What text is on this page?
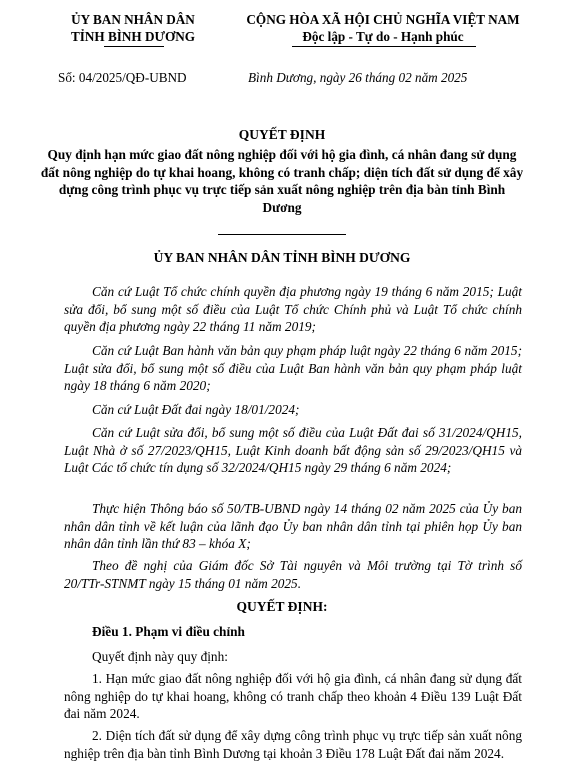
ỦY BAN NHÂN DÂN
TỈNH BÌNH DƯƠNG
CỘNG HÒA XÃ HỘI CHỦ NGHĨA VIỆT NAM
Độc lập - Tự do - Hạnh phúc
Số: 04/2025/QĐ-UBND	Bình Dương, ngày 26 tháng 02 năm 2025
QUYẾT ĐỊNH
Quy định hạn mức giao đất nông nghiệp đối với hộ gia đình, cá nhân đang sử dụng đất nông nghiệp do tự khai hoang, không có tranh chấp; diện tích đất sử dụng để xây dựng công trình phục vụ trực tiếp sản xuất nông nghiệp trên địa bàn tỉnh Bình Dương
ỦY BAN NHÂN DÂN TỈNH BÌNH DƯƠNG
Căn cứ Luật Tổ chức chính quyền địa phương ngày 19 tháng 6 năm 2015; Luật sửa đổi, bổ sung một số điều của Luật Tổ chức Chính phủ và Luật Tổ chức chính quyền địa phương ngày 22 tháng 11 năm 2019;
Căn cứ Luật Ban hành văn bản quy phạm pháp luật ngày 22 tháng 6 năm 2015; Luật sửa đổi, bổ sung một số điều của Luật Ban hành văn bản quy phạm pháp luật ngày 18 tháng 6 năm 2020;
Căn cứ Luật Đất đai ngày 18/01/2024;
Căn cứ Luật sửa đổi, bổ sung một số điều của Luật Đất đai số 31/2024/QH15, Luật Nhà ở số 27/2023/QH15, Luật Kinh doanh bất động sản số 29/2023/QH15 và Luật Các tổ chức tín dụng số 32/2024/QH15 ngày 29 tháng 6 năm 2024;
Thực hiện Thông báo số 50/TB-UBND ngày 14 tháng 02 năm 2025 của Ủy ban nhân dân tỉnh về kết luận của lãnh đạo Ủy ban nhân dân tỉnh tại phiên họp Ủy ban nhân dân tỉnh lần thứ 83 – khóa X;
Theo đề nghị của Giám đốc Sở Tài nguyên và Môi trường tại Tờ trình số 20/TTr-STNMT ngày 15 tháng 01 năm 2025.
QUYẾT ĐỊNH:
Điều 1. Phạm vi điều chỉnh
Quyết định này quy định:
1. Hạn mức giao đất nông nghiệp đối với hộ gia đình, cá nhân đang sử dụng đất nông nghiệp do tự khai hoang, không có tranh chấp theo khoản 4 Điều 139 Luật Đất đai năm 2024.
2. Diện tích đất sử dụng để xây dựng công trình phục vụ trực tiếp sản xuất nông nghiệp trên địa bàn tỉnh Bình Dương tại khoản 3 Điều 178 Luật Đất đai năm 2024.
